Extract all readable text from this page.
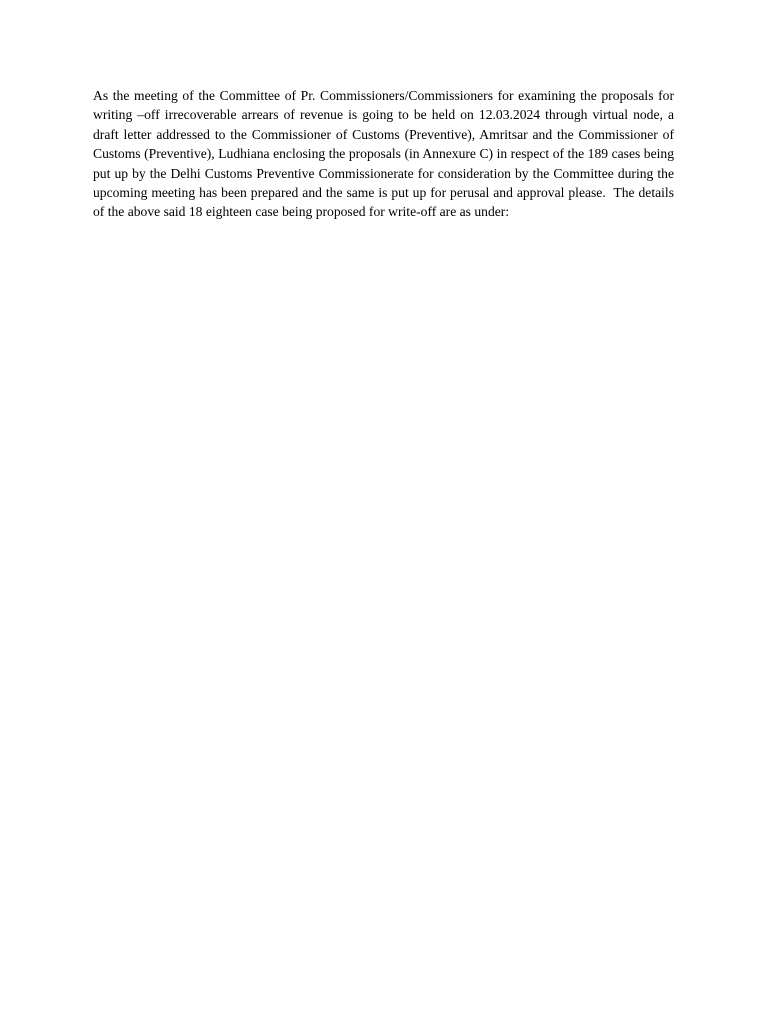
As the meeting of the Committee of Pr. Commissioners/Commissioners for examining the proposals for writing –off irrecoverable arrears of revenue is going to be held on 12.03.2024 through virtual node, a draft letter addressed to the Commissioner of Customs (Preventive), Amritsar and the Commissioner of Customs (Preventive), Ludhiana enclosing the proposals (in Annexure C) in respect of the 189 cases being put up by the Delhi Customs Preventive Commissionerate for consideration by the Committee during the upcoming meeting has been prepared and the same is put up for perusal and approval please.  The details of the above said 18 eighteen case being proposed for write-off are as under:
